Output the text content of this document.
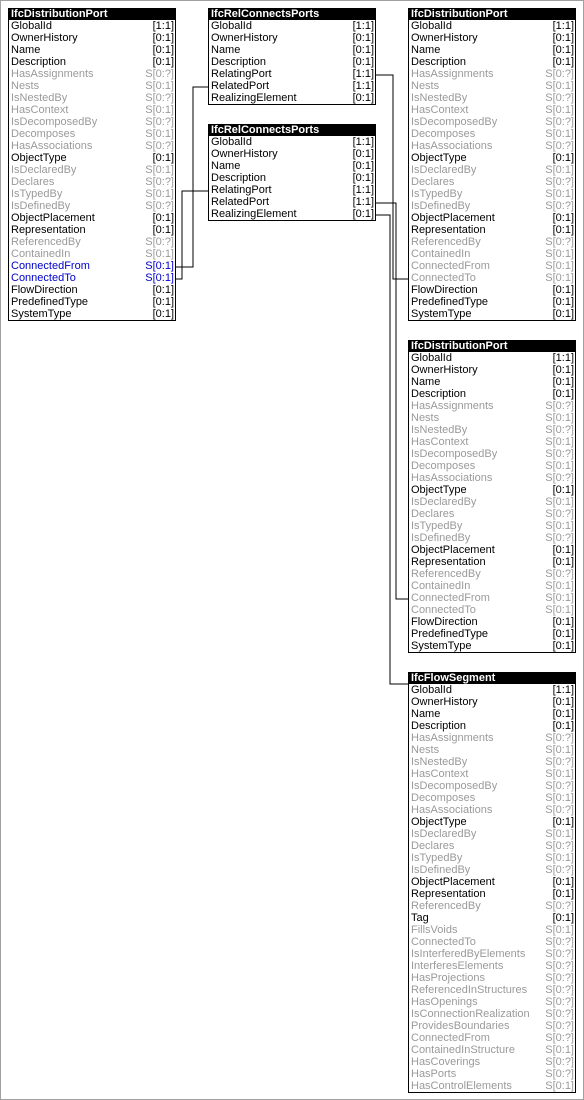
IfcDistributionPort
GlobalId	[1:1]
OwnerHistory	[0:1]
Name	[0:1]
Description	[0:1]
HasAssignments	S[0:?]
Nests	S[0:1]
IsNestedBy	S[0:?]
HasContext	S[0:1]
IsDecomposedBy	S[0:?]
Decomposes	S[0:1]
HasAssociations	S[0:?]
ObjectType	[0:1]
IsDeclaredBy	S[0:1]
Declares	S[0:?]
IsTypedBy	S[0:1]
IsDefinedBy	S[0:?]
ObjectPlacement	[0:1]
Representation	[0:1]
ReferencedBy	S[0:?]
ContainedIn	S[0:1]
ConnectedFrom	S[0:1]
ConnectedTo	S[0:1]
FlowDirection	[0:1]
PredefinedType	[0:1]
SystemType	[0:1]
IfcRelConnectsPorts
GlobalId	[1:1]
OwnerHistory	[0:1]
Name	[0:1]
Description	[0:1]
RelatingPort	[1:1]
RelatedPort	[1:1]
RealizingElement	[0:1]
IfcRelConnectsPorts
GlobalId	[1:1]
OwnerHistory	[0:1]
Name	[0:1]
Description	[0:1]
RelatingPort	[1:1]
RelatedPort	[1:1]
RealizingElement	[0:1]
IfcDistributionPort
GlobalId	[1:1]
OwnerHistory	[0:1]
Name	[0:1]
Description	[0:1]
HasAssignments	S[0:?]
Nests	S[0:1]
IsNestedBy	S[0:?]
HasContext	S[0:1]
IsDecomposedBy	S[0:?]
Decomposes	S[0:1]
HasAssociations	S[0:?]
ObjectType	[0:1]
IsDeclaredBy	S[0:1]
Declares	S[0:?]
IsTypedBy	S[0:1]
IsDefinedBy	S[0:?]
ObjectPlacement	[0:1]
Representation	[0:1]
ReferencedBy	S[0:?]
ContainedIn	S[0:1]
ConnectedFrom	S[0:1]
ConnectedTo	S[0:1]
FlowDirection	[0:1]
PredefinedType	[0:1]
SystemType	[0:1]
IfcDistributionPort
GlobalId	[1:1]
OwnerHistory	[0:1]
Name	[0:1]
Description	[0:1]
HasAssignments	S[0:?]
Nests	S[0:1]
IsNestedBy	S[0:?]
HasContext	S[0:1]
IsDecomposedBy	S[0:?]
Decomposes	S[0:1]
HasAssociations	S[0:?]
ObjectType	[0:1]
IsDeclaredBy	S[0:1]
Declares	S[0:?]
IsTypedBy	S[0:1]
IsDefinedBy	S[0:?]
ObjectPlacement	[0:1]
Representation	[0:1]
ReferencedBy	S[0:?]
ContainedIn	S[0:1]
ConnectedFrom	S[0:1]
ConnectedTo	S[0:1]
FlowDirection	[0:1]
PredefinedType	[0:1]
SystemType	[0:1]
IfcFlowSegment
GlobalId	[1:1]
OwnerHistory	[0:1]
Name	[0:1]
Description	[0:1]
HasAssignments	S[0:?]
Nests	S[0:1]
IsNestedBy	S[0:?]
HasContext	S[0:1]
IsDecomposedBy	S[0:?]
Decomposes	S[0:1]
HasAssociations	S[0:?]
ObjectType	[0:1]
IsDeclaredBy	S[0:1]
Declares	S[0:?]
IsTypedBy	S[0:1]
IsDefinedBy	S[0:?]
ObjectPlacement	[0:1]
Representation	[0:1]
ReferencedBy	S[0:?]
Tag	[0:1]
FillsVoids	S[0:1]
ConnectedTo	S[0:?]
IsInterferedByElements	S[0:?]
InterferesElements	S[0:?]
HasProjections	S[0:?]
ReferencedInStructures	S[0:?]
HasOpenings	S[0:?]
IsConnectionRealization	S[0:?]
ProvidesBoundaries	S[0:?]
ConnectedFrom	S[0:?]
ContainedInStructure	S[0:1]
HasCoverings	S[0:?]
HasPorts	S[0:?]
HasControlElements	S[0:1]
